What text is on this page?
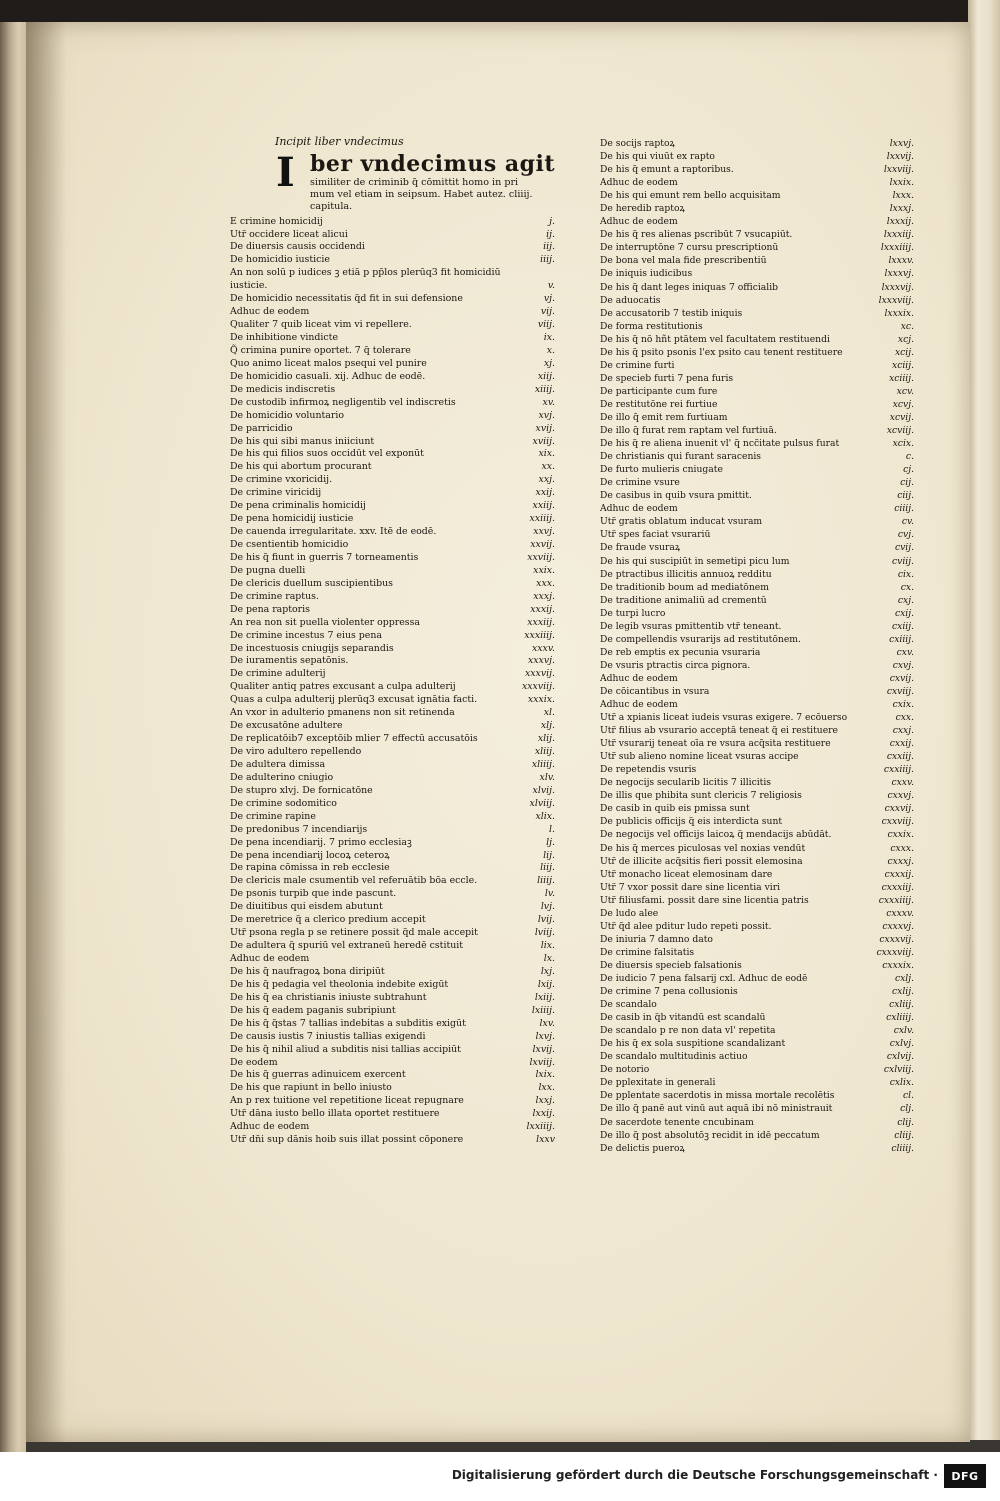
Incipit liber vndecimus
I ber vndecimus agit
similiter de criminib q̃ cōmittit homo in pri
mum vel etiam in seipsum. Habet autez. cliiij.
capitula.
E crimine homicidij	j.
Utr̃ occidere liceat alicui	ij.
De diuersis causis occidendi	iij.
De homicidio iusticie	iiij.
An non solū p iudices ꝫ etiā p pp̃los plerūq3 fit homicidiū
iusticie.	v.
De homicidio necessitatis q̃d fit in sui defensione	vj.
Adhuc de eodem	vij.
Qualiter 7 quib liceat vim vi repellere.	viij.
De inhibitione vindicte	ix.
Q̃ crimina punire oportet. 7 q̃ tolerare	x.
Quo animo liceat malos psequi vel punire	xj.
De homicidio casuali. xij. Adhuc de eodē.	xiij.
De medicis indiscretis	xiiij.
De custodib infirmoꝝ negligentib vel indiscretis	xv.
De homicidio voluntario	xvj.
De parricidio	xvij.
De his qui sibi manus iniiciunt	xviij.
De his qui filios suos occidūt vel exponūt	xix.
De his qui abortum procurant	xx.
De crimine vxoricidij.	xxj.
De crimine viricidij	xxij.
De pena criminalis homicidij	xxiij.
De pena homicidij iusticie	xxiiij.
De cauenda irregularitate. xxv. Itē de eodē.	xxvj.
De csentientib homicidio	xxvij.
De his q̃ fiunt in guerris 7 torneamentis	xxviij.
De pugna duelli	xxix.
De clericis duellum suscipientibus	xxx.
De crimine raptus.	xxxj.
De pena raptoris	xxxij.
An rea non sit puella violenter oppressa	xxxiij.
De crimine incestus 7 eius pena	xxxiiij.
De incestuosis cniugijs separandis	xxxv.
De iuramentis sepatōnis.	xxxvj.
De crimine adulterij	xxxvij.
Qualiter antiq patres excusant a culpa adulterij	xxxviij.
Quas a culpa adulterij plerūq3 excusat ignātia facti.	xxxix.
An vxor in adulterio pmanens non sit retinenda	xl.
De excusatōne adultere	xlj.
De replicatōib7 exceptōib mlier 7 effectū accusatōis	xlij.
De viro adultero repellendo	xliij.
De adultera dimissa	xliiij.
De adulterino cniugio	xlv.
De stupro xlvj. De fornicatōne	xlvij.
De crimine sodomitico	xlviij.
De crimine rapine	xlix.
De predonibus 7 incendiarijs	l.
De pena incendiarij. 7 primo ecclesiaꝫ	lj.
De pena incendiarij locoꝝ ceteroꝝ	lij.
De rapina cōmissa in reb ecclesie	liij.
De clericis male csumentib vel referuātib bōa eccle.	liiij.
De psonis turpib que inde pascunt.	lv.
De diuitibus qui eisdem abutunt	lvj.
De meretrice q̃ a clerico predium accepit	lvij.
Utr̃ psona regla p se retinere possit q̃d male accepit	lviij.
De adultera q̃ spuriū vel extraneū heredē cstituit	lix.
Adhuc de eodem	lx.
De his q̃ naufragoꝝ bona diripiūt	lxj.
De his q̃ pedagia vel theolonia indebite exigūt	lxij.
De his q̃ ea christianis iniuste subtrahunt	lxiij.
De his q̃ eadem paganis subripiunt	lxiiij.
De his q̃ q̃stas 7 tallias indebitas a subditis exigūt	lxv.
De causis iustis 7 iniustis tallias exigendi	lxvj.
De his q̃ nihil aliud a subditis nisi tallias accipiūt	lxvij.
De eodem	lxviij.
De his q̃ guerras adinuicem exercent	lxix.
De his que rapiunt in bello iniusto	lxx.
An p rex tuitione vel repetitione liceat repugnare	lxxj.
Utr̃ dāna iusto bello illata oportet restituere	lxxij.
Adhuc de eodem	lxxiiij.
Utr̃ dn̄i sup dānis hoib suis illat possint cōponere	lxxv
De socijs raptoꝝ	lxxvj.
De his qui viuūt ex rapto	lxxvij.
De his q̃ emunt a raptoribus.	lxxviij.
Adhuc de eodem	lxxix.
De his qui emunt rem bello acquisitam	lxxx.
De heredib raptoꝝ	lxxxj.
Adhuc de eodem	lxxxij.
De his q̃ res alienas pscribūt 7 vsucapiūt.	lxxxiij.
De interruptōne 7 cursu prescriptionū	lxxxiiij.
De bona vel mala fide prescribentiū	lxxxv.
De iniquis iudicibus	lxxxvj.
De his q̃ dant leges iniquas 7 officialib	lxxxvij.
De aduocatis	lxxxviij.
De accusatorib 7 testib iniquis	lxxxix.
De forma restitutionis	xc.
De his q̃ nō hñt ptātem vel facultatem restituendi	xcj.
De his q̃ psito psonis l'ex psito cau tenent restituere	xcij.
De crimine furti	xciij.
De specieb furti 7 pena furis	xciiij.
De participante cum fure	xcv.
De restitutōne rei furtiue	xcvj.
De illo q̃ emit rem furtiuam	xcvij.
De illo q̃ furat rem raptam vel furtiuā.	xcviij.
De his q̃ re aliena inuenit vl' q̃ ncc̃itate pulsus furat	xcix.
De christianis qui furant saracenis	c.
De furto mulieris cniugate	cj.
De crimine vsure	cij.
De casibus in quib vsura pmittit.	ciij.
Adhuc de eodem	ciiij.
Utr̃ gratis oblatum inducat vsuram	cv.
Utr̃ spes faciat vsurariū	cvj.
De fraude vsuraꝝ	cvij.
De his qui suscipiūt in semetipi picu lum	cviij.
De ptractibus illicitis annuoꝝ redditu	cix.
De traditionib boum ad mediatōnem	cx.
De traditione animaliū ad crementū	cxj.
De turpi lucro	cxij.
De legib vsuras pmittentib vtr̃ teneant.	cxiij.
De compellendis vsurarijs ad restitutōnem.	cxiiij.
De reb emptis ex pecunia vsuraria	cxv.
De vsuris ptractis circa pignora.	cxvj.
Adhuc de eodem	cxvij.
De cōicantibus in vsura	cxviij.
Adhuc de eodem	cxix.
Utr̃ a xpianis liceat iudeis vsuras exigere. 7 ecōuerso	cxx.
Utr̃ filius ab vsurario acceptā teneat q̃ ei restituere	cxxj.
Utr̃ vsurarij teneat oīa re vsura acq̃sita restituere	cxxij.
Utr̃ sub alieno nomine liceat vsuras accipe	cxxiij.
De repetendis vsuris	cxxiiij.
De negocijs secularib licitis 7 illicitis	cxxv.
De illis que phibita sunt clericis 7 religiosis	cxxvj.
De casib in quib eis pmissa sunt	cxxvij.
De publicis officijs q̃ eis interdicta sunt	cxxviij.
De negocijs vel officijs laicoꝝ q̃ mendacijs abūdāt.	cxxix.
De his q̃ merces piculosas vel noxias vendūt	cxxx.
Utr̃ de illicite acq̃sitis fieri possit elemosina	cxxxj.
Utr̃ monacho liceat elemosinam dare	cxxxij.
Utr̃ 7 vxor possit dare sine licentia viri	cxxxiij.
Utr̃ filiusfami. possit dare sine licentia patris	cxxxiiij.
De ludo alee	cxxxv.
Utr̃ q̃d alee pditur ludo repeti possit.	cxxxvj.
De iniuria 7 damno dato	cxxxvij.
De crimine falsitatis	cxxxviij.
De diuersis specieb falsationis	cxxxix.
De iudicio 7 pena falsarij cxl. Adhuc de eodē	cxlj.
De crimine 7 pena collusionis	cxlij.
De scandalo	cxliij.
De casib in q̃b vitandū est scandalū	cxliiij.
De scandalo p re non data vl' repetita	cxlv.
De his q̃ ex sola suspitione scandalizant	cxlvj.
De scandalo multitudinis actiuo	cxlvij.
De notorio	cxlviij.
De pplexitate in generali	cxlix.
De pplentate sacerdotis in missa mortale recolētis	cl.
De illo q̃ panē aut vinū aut aquā ibi nō ministrauit	clj.
De sacerdote tenente cncubinam	clij.
De illo q̃ post absolutōꝫ recidit in idē peccatum	cliij.
De delictis pueroꝝ	cliiij.
Digitalisierung gefördert durch die Deutsche Forschungsgemeinschaft ·	DFG
